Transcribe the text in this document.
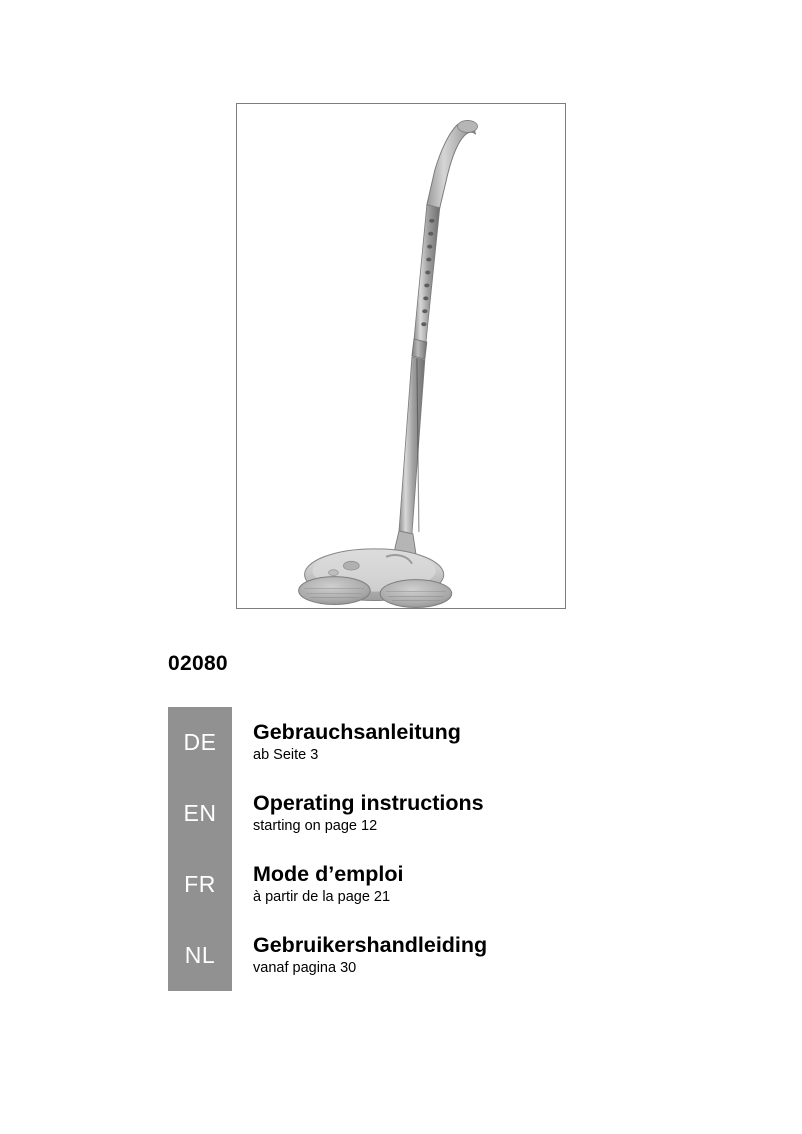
02080
DE	Gebrauchsanleitung
ab Seite 3
EN	Operating instructions
starting on page 12
FR	Mode d’emploi
à partir de la page 21
NL	Gebruikershandleiding
vanaf pagina 30
